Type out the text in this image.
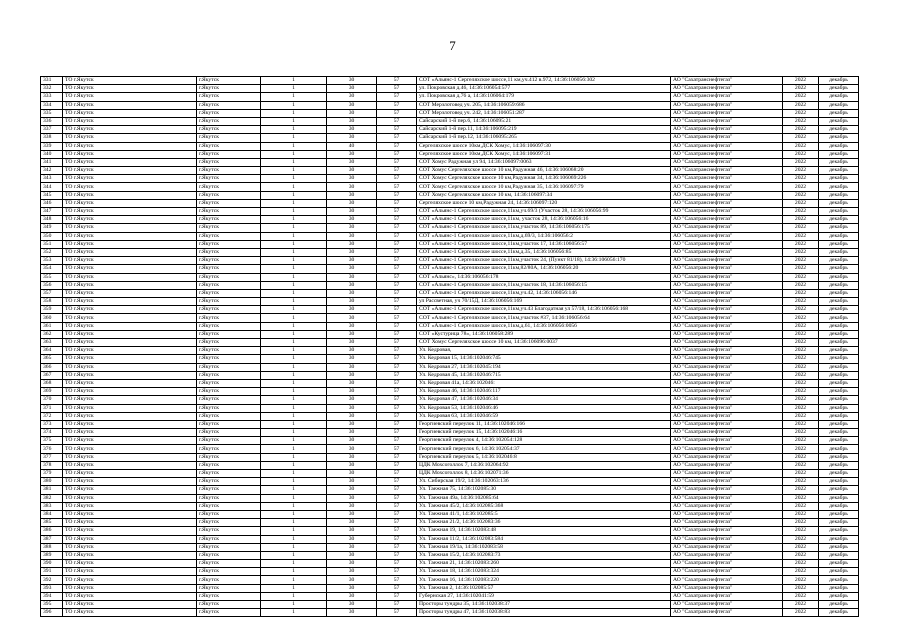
7
331	ТО г.Якутск	г.Якутск	1	30	57	СОТ «Альянс-1 Сергеляхское шоссе,11 км,уч.412 в.972, 14:36:106056:302	АО "Сахатранснефтегаз"	2022	декабрь
332	ТО г.Якутск	г.Якутск	1	30	57	ул. Покровская д.46, 14:36:106054:577	АО "Сахатранснефтегаз"	2022	декабрь
333	ТО г.Якутск	г.Якутск	1	30	57	ул. Покровская д.76 а, 14:36:106064:179	АО "Сахатранснефтегаз"	2022	декабрь
334	ТО г.Якутск	г.Якутск	1	30	57	СОТ Мерзлотовед уч. 205, 14:36:106059:686	АО "Сахатранснефтегаз"	2022	декабрь
335	ТО г.Якутск	г.Якутск	1	30	57	СОТ Мерзлотовед уч. 242, 14:36:106051:287	АО "Сахатранснефтегаз"	2022	декабрь
336	ТО г.Якутск	г.Якутск	1	30	57	Сайсарский 1-й пер.6, 14:36:106095:21	АО "Сахатранснефтегаз"	2022	декабрь
337	ТО г.Якутск	г.Якутск	1	30	57	Сайсарский 1-й пер.11, 14:36:106095:219	АО "Сахатранснефтегаз"	2022	декабрь
338	ТО г.Якутск	г.Якутск	1	30	57	Сайсарский 1-й пер.12, 14:36:106095:265	АО "Сахатранснефтегаз"	2022	декабрь
339	ТО г.Якутск	г.Якутск	1	40	57	Сергеляхское шоссе 10км,ДСК Хомус, 14:36:106097:30	АО "Сахатранснефтегаз"	2022	декабрь
340	ТО г.Якутск	г.Якутск	1	30	57	Сергеляхское шоссе 10км,ДСК Хомус, 14:36:106097:31	АО "Сахатранснефтегаз"	2022	декабрь
341	ТО г.Якутск	г.Якутск	1	30	57	СОТ Хомус Радужная ул 94, 14:36:106097:0063	АО "Сахатранснефтегаз"	2022	декабрь
342	ТО г.Якутск	г.Якутск	1	30	57	СОТ Хомус Сергеляхское шоссе 10 км,Радужная 46, 14:36:106068:20	АО "Сахатранснефтегаз"	2022	декабрь
343	ТО г.Якутск	г.Якутск	1	30	57	СОТ Хомус Сергеляхское шоссе 10 км,Радужная 34, 14:36:106069:226	АО "Сахатранснефтегаз"	2022	декабрь
344	ТО г.Якутск	г.Якутск	1	30	57	СОТ Хомус Сергеляхское шоссе 10 км,Радужная 35, 14:36:106097:79	АО "Сахатранснефтегаз"	2022	декабрь
345	ТО г.Якутск	г.Якутск	1	30	57	СОТ Хомус Сергеляхское шоссе 10 км, 14:36:106097:34	АО "Сахатранснефтегаз"	2022	декабрь
346	ТО г.Якутск	г.Якутск	1	30	57	Сергеляхское шоссе 10 км,Радужная 24, 14:36:106097:120	АО "Сахатранснефтегаз"	2022	декабрь
347	ТО г.Якутск	г.Якутск	1	30	57	СОТ «Альянс-1 Сергеляхское шоссе,11км,уч.69/3 (Участок 28, 14:36:106056:99	АО "Сахатранснефтегаз"	2022	декабрь
348	ТО г.Якутск	г.Якутск	1	30	57	СОТ «Альянс-1 Сергеляхское шоссе,11км, участок 28, 14:36:106056:16	АО "Сахатранснефтегаз"	2022	декабрь
349	ТО г.Якутск	г.Якутск	1	30	57	СОТ «Альянс-1 Сергеляхское шоссе,11км,участок 89, 14:36:106056:175	АО "Сахатранснефтегаз"	2022	декабрь
350	ТО г.Якутск	г.Якутск	1	30	57	СОТ «Альянс-1 Сергеляхское шоссе,11км,д.69/3, 14:36:106056:2	АО "Сахатранснефтегаз"	2022	декабрь
351	ТО г.Якутск	г.Якутск	1	30	57	СОТ «Альянс-1 Сергеляхское шоссе,11км,участок 17, 14:36:106056:57	АО "Сахатранснефтегаз"	2022	декабрь
352	ТО г.Якутск	г.Якутск	1	30	57	СОТ «Альянс-1 Сергеляхское шоссе,11км,д.35, 14:36:106056:85	АО "Сахатранснефтегаз"	2022	декабрь
353	ТО г.Якутск	г.Якутск	1	30	57	СОТ «Альянс-1 Сергеляхское шоссе,11км,участок 24, (Пункт 81/18), 14:36:106056:170	АО "Сахатранснефтегаз"	2022	декабрь
354	ТО г.Якутск	г.Якутск	1	30	57	СОТ «Альянс-1 Сергеляхское шоссе,11км,82/80А, 14:36:106056:20	АО "Сахатранснефтегаз"	2022	декабрь
355	ТО г.Якутск	г.Якутск	1	30	57	СОТ «Альянс», 14:36:106056:178	АО "Сахатранснефтегаз"	2022	декабрь
356	ТО г.Якутск	г.Якутск	1	30	57	СОТ «Альянс-1 Сергеляхское шоссе,11км,участок 18, 14:36:106056:15	АО "Сахатранснефтегаз"	2022	декабрь
357	ТО г.Якутск	г.Якутск	1	30	57	СОТ «Альянс-1 Сергеляхское шоссе,11км,уч.42, 14:36:106056:146	АО "Сахатранснефтегаз"	2022	декабрь
358	ТО г.Якутск	г.Якутск	1	30	57	ул Рассветная, уч 70/15Д, 14:36:106056:169	АО "Сахатранснефтегаз"	2022	декабрь
359	ТО г.Якутск	г.Якутск	1	30	57	СОТ «Альянс-1 Сергеляхское шоссе,11км,уч.43 Благодатная ул 57/18, 14:36:106056:168	АО "Сахатранснефтегаз"	2022	декабрь
360	ТО г.Якутск	г.Якутск	1	30	57	СОТ «Альянс-1 Сергеляхское шоссе,11км,участок #37, 14:36:106056:64	АО "Сахатранснефтегаз"	2022	декабрь
361	ТО г.Якутск	г.Якутск	1	30	57	СОТ «Альянс-1 Сергеляхское шоссе,11км,д.61, 14:36:106056:0056	АО "Сахатранснефтегаз"	2022	декабрь
362	ТО г.Якутск	г.Якутск	1	30	57	СОТ «Кустурица 78», 14:36:106058:289	АО "Сахатранснефтегаз"	2022	декабрь
363	ТО г.Якутск	г.Якутск	1	30	57	СОТ Хомус Сергеляхское шоссе 10 км, 14:36:106096:0037	АО "Сахатранснефтегаз"	2022	декабрь
364	ТО г.Якутск	г.Якутск	1	30	57	Ул. Кедровая,	АО "Сахатранснефтегаз"	2022	декабрь
365	ТО г.Якутск	г.Якутск	1	30	57	Ул. Кедровая 15, 14:36:102046:745	АО "Сахатранснефтегаз"	2022	декабрь
366	ТО г.Якутск	г.Якутск	1	30	57	Ул. Кедровая 27, 14:36:102045:194	АО "Сахатранснефтегаз"	2022	декабрь
367	ТО г.Якутск	г.Якутск	1	30	57	Ул. Кедровая 45, 14:36:102046:715	АО "Сахатранснефтегаз"	2022	декабрь
368	ТО г.Якутск	г.Якутск	1	30	57	Ул. Кедровая 41а, 14:36:102046:	АО "Сахатранснефтегаз"	2022	декабрь
369	ТО г.Якутск	г.Якутск	1	30	57	Ул. Кедровая 46, 14:36:102046:117	АО "Сахатранснефтегаз"	2022	декабрь
370	ТО г.Якутск	г.Якутск	1	30	57	Ул. Кедровая 47, 14:36:102046:34	АО "Сахатранснефтегаз"	2022	декабрь
371	ТО г.Якутск	г.Якутск	1	30	57	Ул. Кедровая 53, 14:36:102046:46	АО "Сахатранснефтегаз"	2022	декабрь
372	ТО г.Якутск	г.Якутск	1	30	57	Ул. Кедровая 63, 14:36:102046:59	АО "Сахатранснефтегаз"	2022	декабрь
373	ТО г.Якутск	г.Якутск	1	30	57	Георгиевский переулок 11, 14:36:102046:166	АО "Сахатранснефтегаз"	2022	декабрь
374	ТО г.Якутск	г.Якутск	1	30	57	Георгиевский переулок 15, 14:36:102046:16	АО "Сахатранснефтегаз"	2022	декабрь
375	ТО г.Якутск	г.Якутск	1	30	57	Георгиевский переулок 4, 14:36:102054:128	АО "Сахатранснефтегаз"	2022	декабрь
376	ТО г.Якутск	г.Якутск	1	30	57	Георгиевский переулок 6, 14:36:102054:37	АО "Сахатранснефтегаз"	2022	декабрь
377	ТО г.Якутск	г.Якутск	1	30	57	Георгиевский переулок 5, 14:36:102046:8	АО "Сахатранснефтегаз"	2022	декабрь
378	ТО г.Якутск	г.Якутск	1	30	57	ЦДК Мохсоголлох 7, 14:36:102064:92	АО "Сахатранснефтегаз"	2022	декабрь
379	ТО г.Якутск	г.Якутск	1	30	57	ЦДК Мохсоголлох 8, 14:36:102071:36	АО "Сахатранснефтегаз"	2022	декабрь
380	ТО г.Якутск	г.Якутск	1	30	57	Ул. Сибирская 19/2, 14:36:102063:136	АО "Сахатранснефтегаз"	2022	декабрь
381	ТО г.Якутск	г.Якутск	1	30	57	Ул. Таежная 75, 14:36:102085:30	АО "Сахатранснефтегаз"	2022	декабрь
382	ТО г.Якутск	г.Якутск	1	30	57	Ул. Таежная 49а, 14:36:102085:64	АО "Сахатранснефтегаз"	2022	декабрь
383	ТО г.Якутск	г.Якутск	1	30	57	Ул. Таежная 45/2, 14:36:102085:368	АО "Сахатранснефтегаз"	2022	декабрь
384	ТО г.Якутск	г.Якутск	1	30	57	Ул. Таежная 41/1, 14:36:102085:5	АО "Сахатранснефтегаз"	2022	декабрь
385	ТО г.Якутск	г.Якутск	1	30	57	Ул. Таежная 21/2, 14:36:102083:36	АО "Сахатранснефтегаз"	2022	декабрь
386	ТО г.Якутск	г.Якутск	1	30	57	Ул. Таежная 19, 14:36:102083:48	АО "Сахатранснефтегаз"	2022	декабрь
387	ТО г.Якутск	г.Якутск	1	30	57	Ул. Таежная 11/2, 14:36:102083:584	АО "Сахатранснефтегаз"	2022	декабрь
388	ТО г.Якутск	г.Якутск	1	30	57	Ул. Таежная 19/1а, 14:36:102083:58	АО "Сахатранснефтегаз"	2022	декабрь
389	ТО г.Якутск	г.Якутск	1	30	57	Ул. Таежная 15/2, 14:36:102083:73	АО "Сахатранснефтегаз"	2022	декабрь
390	ТО г.Якутск	г.Якутск	1	30	57	Ул. Таежная 21, 14:36:102083:260	АО "Сахатранснефтегаз"	2022	декабрь
391	ТО г.Якутск	г.Якутск	1	30	57	Ул. Таежная 18, 14:36:102083:324	АО "Сахатранснефтегаз"	2022	декабрь
392	ТО г.Якутск	г.Якутск	1	30	57	Ул. Таежная 16, 14:36:102083:220	АО "Сахатранснефтегаз"	2022	декабрь
393	ТО г.Якутск	г.Якутск	1	30	57	Ул. Таежная 2, 14:36:102085:57	АО "Сахатранснефтегаз"	2022	декабрь
394	ТО г.Якутск	г.Якутск	1	30	57	Губернская 27, 14:36:102041:59	АО "Сахатранснефтегаз"	2022	декабрь
395	ТО г.Якутск	г.Якутск	1	30	57	Просторы тундры 35, 14:36:102038:37	АО "Сахатранснефтегаз"	2022	декабрь
396	ТО г.Якутск	г.Якутск	1	30	57	Просторы тундры 47, 14:36:102038:83	АО "Сахатранснефтегаз"	2022	декабрь
